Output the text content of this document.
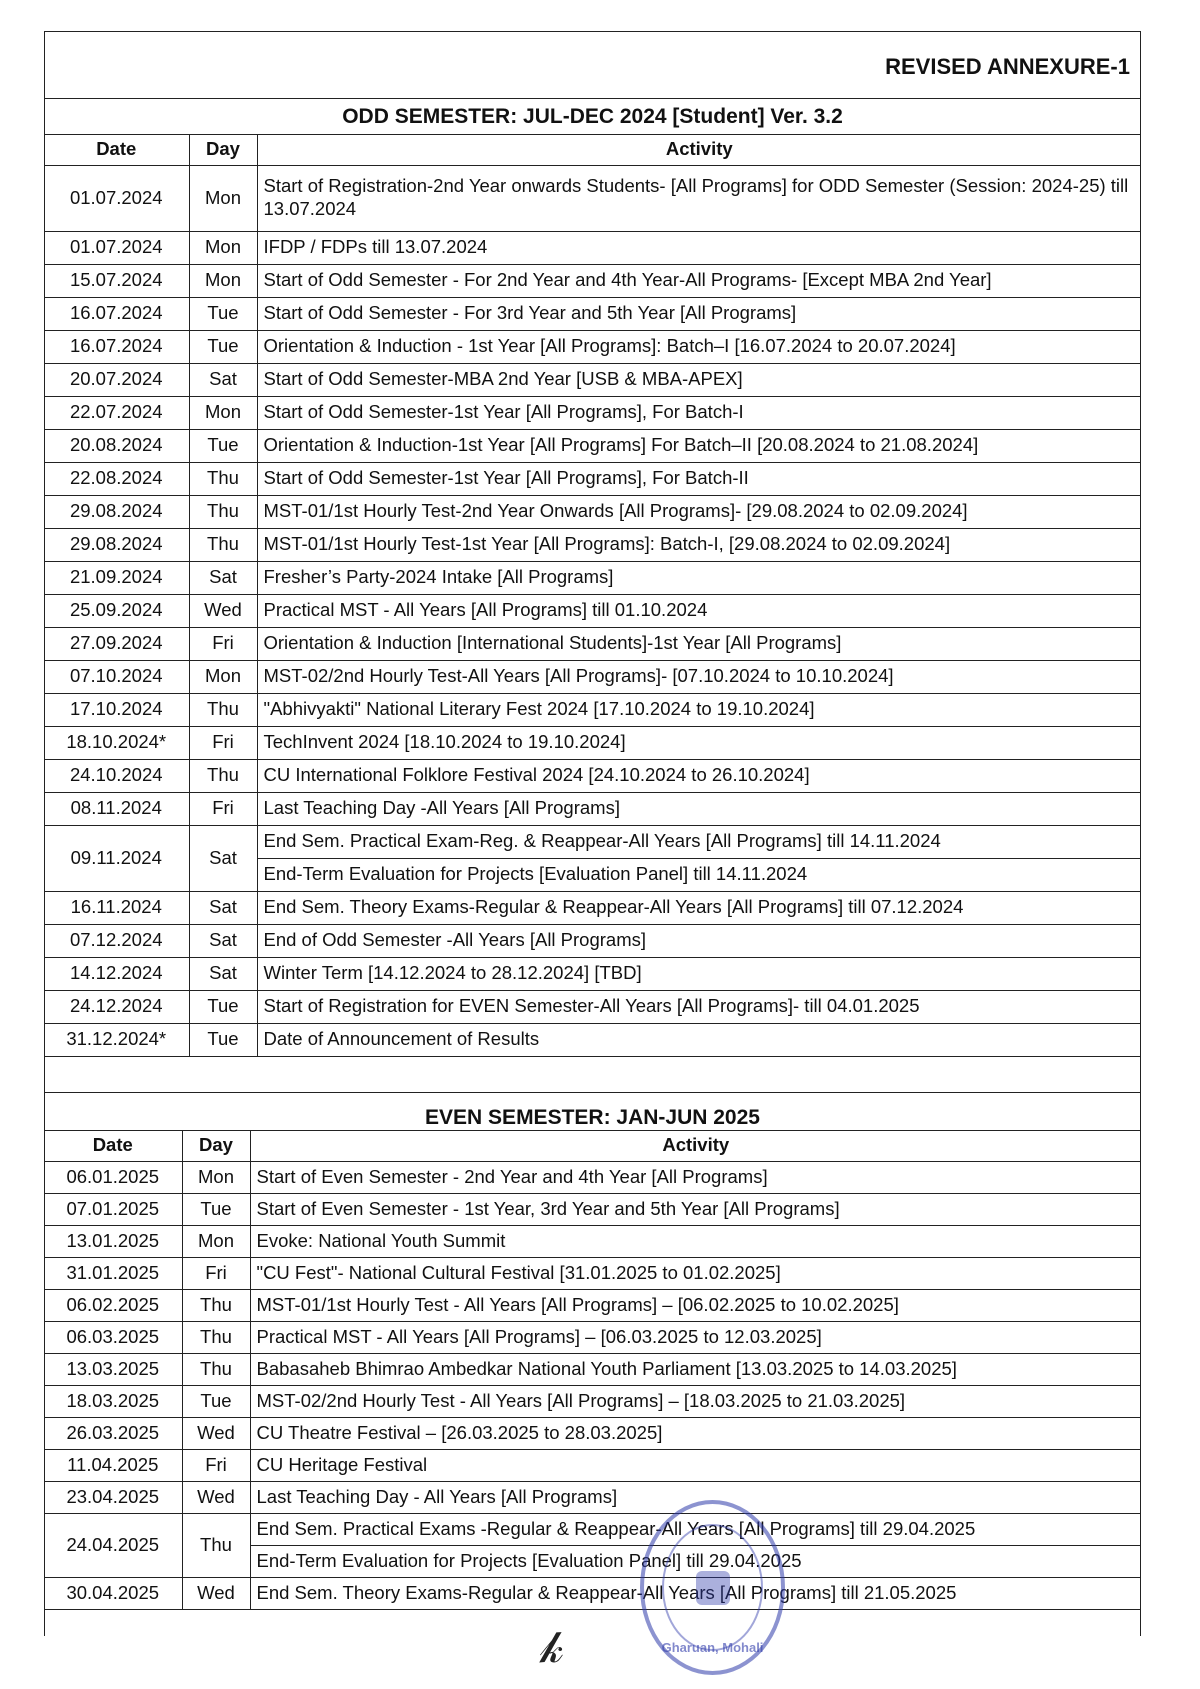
REVISED ANNEXURE-1
ODD SEMESTER: JUL-DEC 2024 [Student] Ver. 3.2
Date	Day	Activity
01.07.2024	Mon	Start of Registration-2nd Year onwards Students- [All Programs] for ODD Semester (Session: 2024-25) till 13.07.2024
01.07.2024	Mon	IFDP / FDPs till 13.07.2024
15.07.2024	Mon	Start of Odd Semester - For 2nd Year and 4th Year-All Programs- [Except MBA 2nd Year]
16.07.2024	Tue	Start of Odd Semester - For 3rd Year and 5th Year [All Programs]
16.07.2024	Tue	Orientation & Induction - 1st Year [All Programs]: Batch–I [16.07.2024 to 20.07.2024]
20.07.2024	Sat	Start of Odd Semester-MBA 2nd Year [USB & MBA-APEX]
22.07.2024	Mon	Start of Odd Semester-1st Year [All Programs], For Batch-I
20.08.2024	Tue	Orientation & Induction-1st Year [All Programs] For Batch–II [20.08.2024 to 21.08.2024]
22.08.2024	Thu	Start of Odd Semester-1st Year [All Programs], For Batch-II
29.08.2024	Thu	MST-01/1st Hourly Test-2nd Year Onwards [All Programs]- [29.08.2024 to 02.09.2024]
29.08.2024	Thu	MST-01/1st Hourly Test-1st Year [All Programs]: Batch-I, [29.08.2024 to 02.09.2024]
21.09.2024	Sat	Fresher’s Party-2024 Intake [All Programs]
25.09.2024	Wed	Practical MST - All Years [All Programs] till 01.10.2024
27.09.2024	Fri	Orientation & Induction [International Students]-1st Year [All Programs]
07.10.2024	Mon	MST-02/2nd Hourly Test-All Years [All Programs]- [07.10.2024 to 10.10.2024]
17.10.2024	Thu	"Abhivyakti" National Literary Fest 2024 [17.10.2024 to 19.10.2024]
18.10.2024*	Fri	TechInvent 2024 [18.10.2024 to 19.10.2024]
24.10.2024	Thu	CU International Folklore Festival 2024 [24.10.2024 to 26.10.2024]
08.11.2024	Fri	Last Teaching Day -All Years [All Programs]
09.11.2024	Sat	End Sem. Practical Exam-Reg. & Reappear-All Years [All Programs] till 14.11.2024
		End-Term Evaluation for Projects [Evaluation Panel] till 14.11.2024
16.11.2024	Sat	End Sem. Theory Exams-Regular & Reappear-All Years [All Programs] till 07.12.2024
07.12.2024	Sat	End of Odd Semester -All Years [All Programs]
14.12.2024	Sat	Winter Term [14.12.2024 to 28.12.2024] [TBD]
24.12.2024	Tue	Start of Registration for EVEN Semester-All Years [All Programs]- till 04.01.2025
31.12.2024*	Tue	Date of Announcement of Results
EVEN SEMESTER: JAN-JUN 2025
Date	Day	Activity
06.01.2025	Mon	Start of Even Semester - 2nd Year and 4th Year [All Programs]
07.01.2025	Tue	Start of Even Semester - 1st Year, 3rd Year and 5th Year [All Programs]
13.01.2025	Mon	Evoke: National Youth Summit
31.01.2025	Fri	"CU Fest"- National Cultural Festival [31.01.2025 to 01.02.2025]
06.02.2025	Thu	MST-01/1st Hourly Test - All Years [All Programs] – [06.02.2025 to 10.02.2025]
06.03.2025	Thu	Practical MST - All Years [All Programs] – [06.03.2025 to 12.03.2025]
13.03.2025	Thu	Babasaheb Bhimrao Ambedkar National Youth Parliament [13.03.2025 to 14.03.2025]
18.03.2025	Tue	MST-02/2nd Hourly Test - All Years [All Programs] – [18.03.2025 to 21.03.2025]
26.03.2025	Wed	CU Theatre Festival – [26.03.2025 to 28.03.2025]
11.04.2025	Fri	CU Heritage Festival
23.04.2025	Wed	Last Teaching Day - All Years [All Programs]
24.04.2025	Thu	End Sem. Practical Exams -Regular & Reappear-All Years [All Programs] till 29.04.2025
		End-Term Evaluation for Projects [Evaluation Panel] till 29.04.2025
30.04.2025	Wed	End Sem. Theory Exams-Regular & Reappear-All Years [All Programs] till 21.05.2025
Gharuan, Mohali
𝓀
